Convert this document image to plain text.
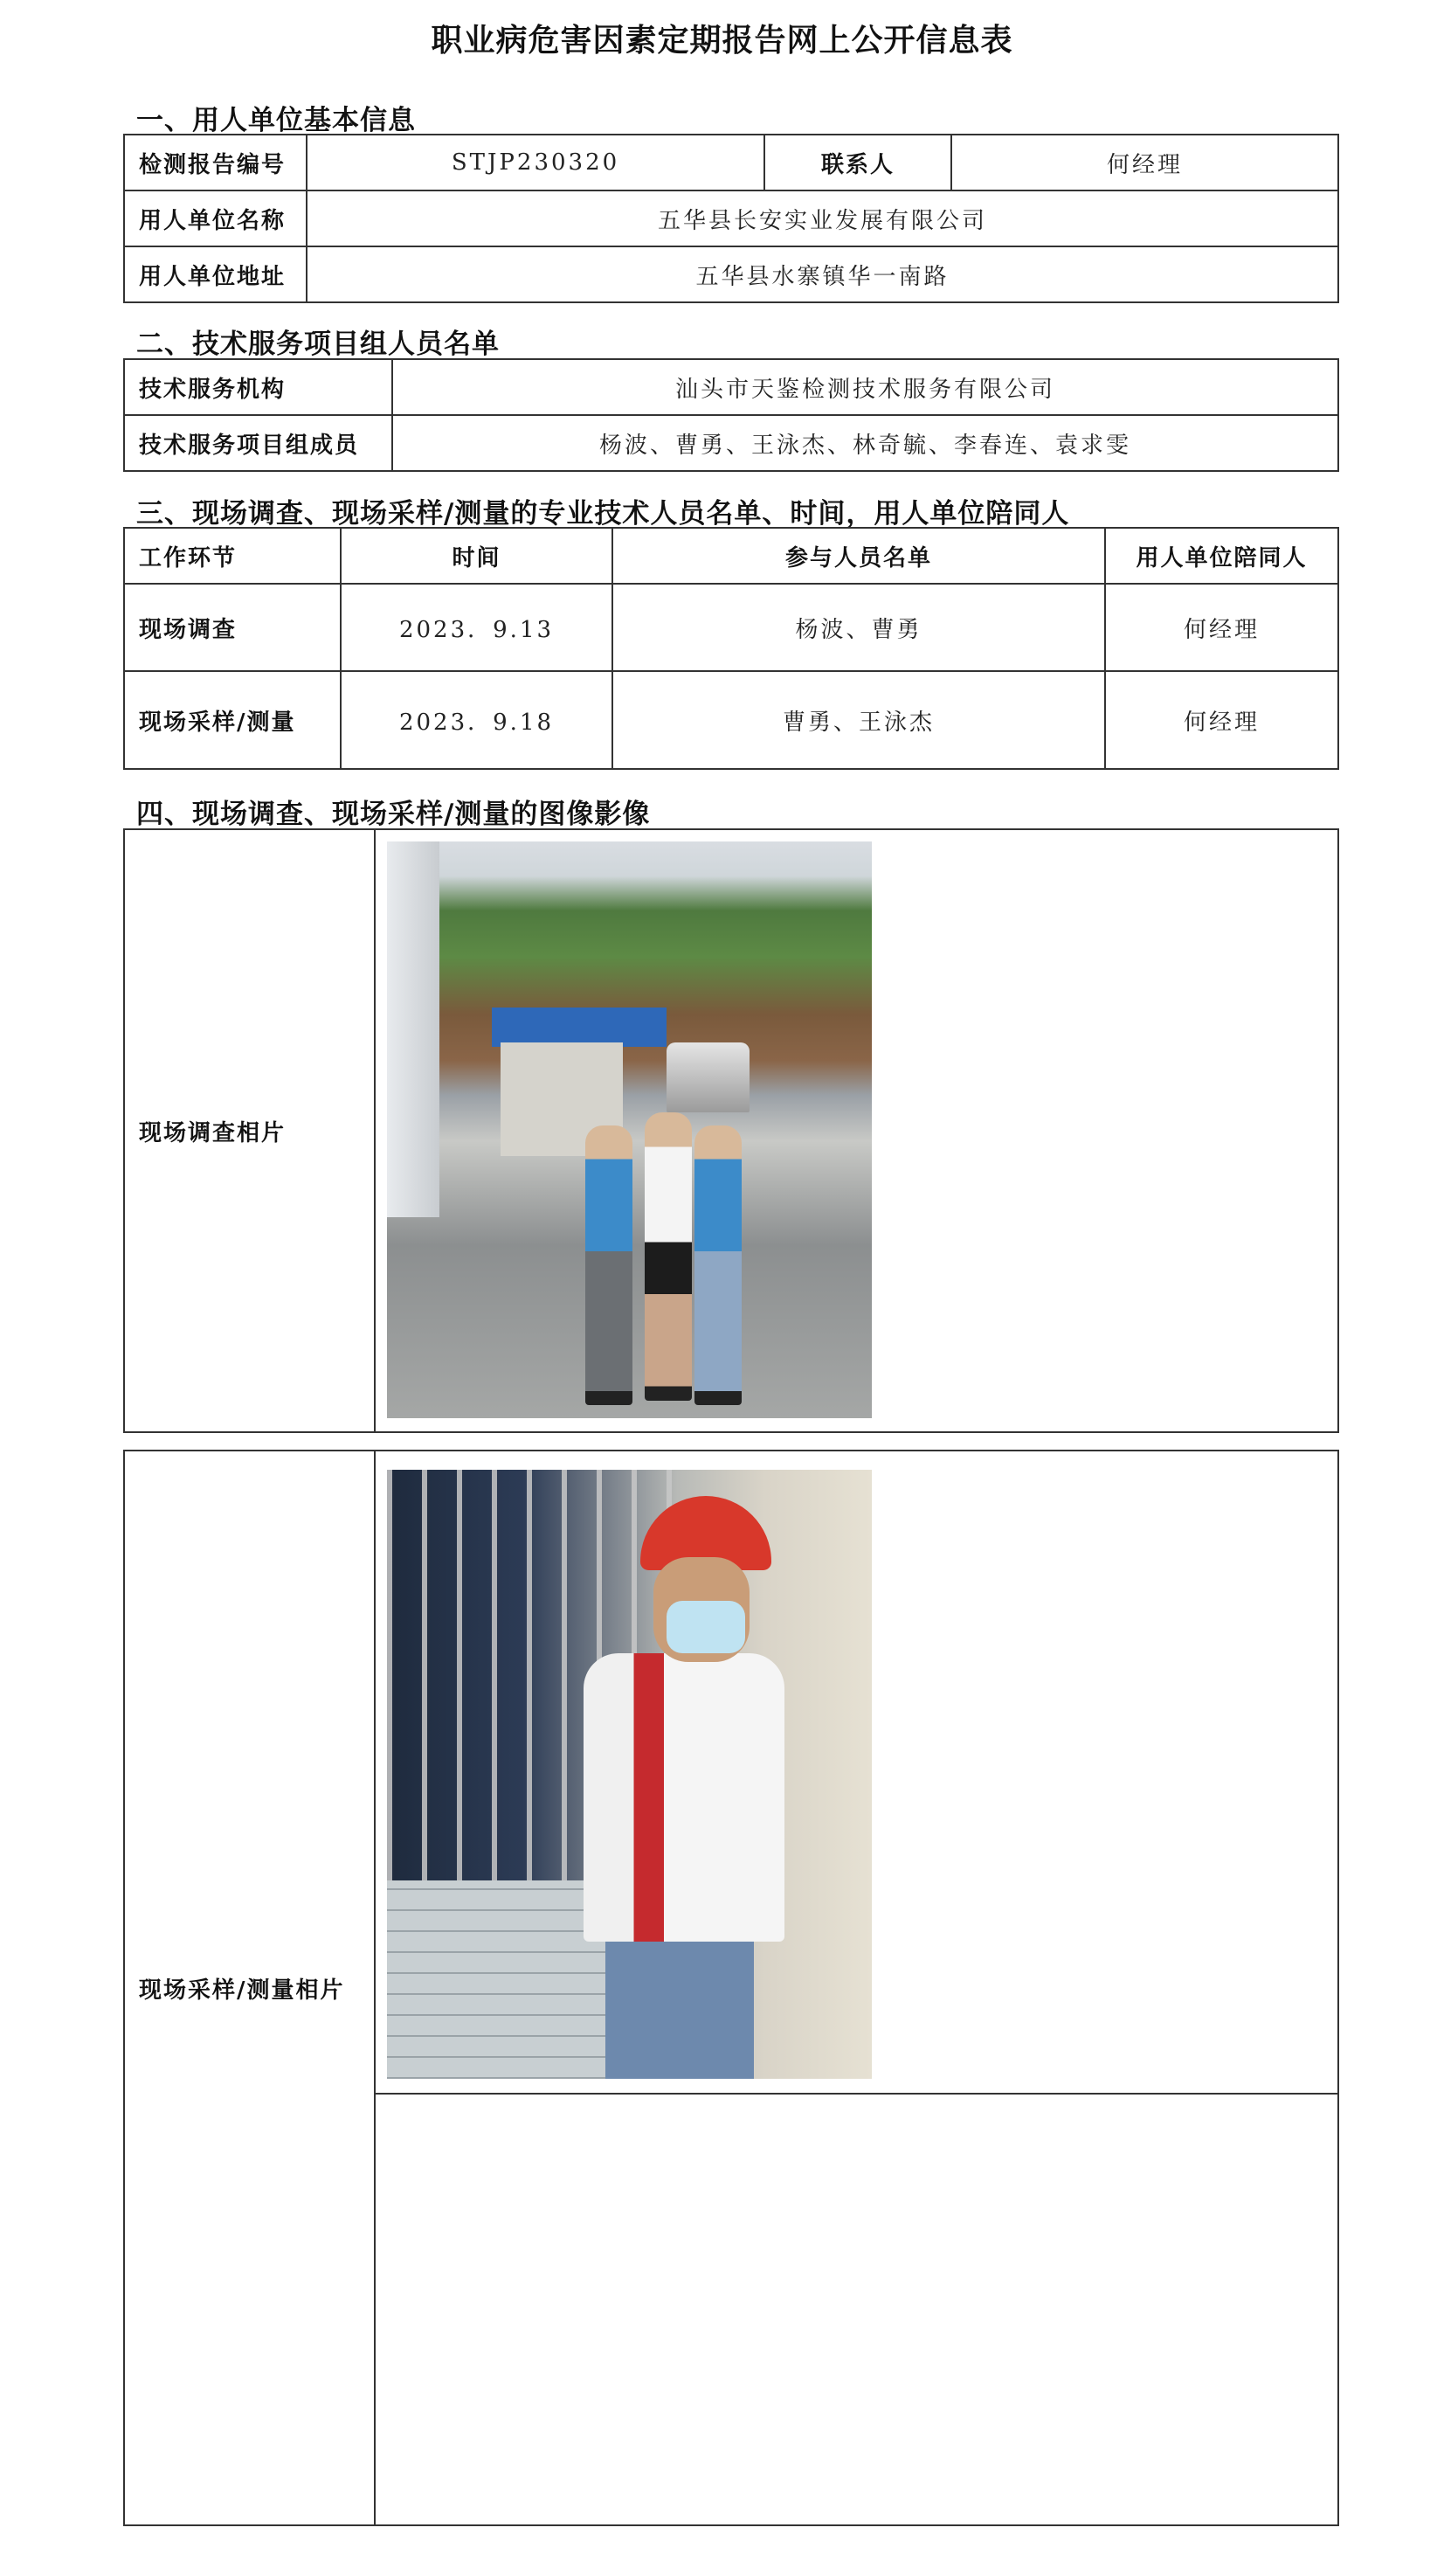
职业病危害因素定期报告网上公开信息表
一、用人单位基本信息
检测报告编号	STJP230320	联系人	何经理
用人单位名称	五华县长安实业发展有限公司		
用人单位地址	五华县水寨镇华一南路		
二、技术服务项目组人员名单
技术服务机构	汕头市天鉴检测技术服务有限公司
技术服务项目组成员	杨波、曹勇、王泳杰、林奇毓、李春连、袁求雯
三、现场调查、现场采样/测量的专业技术人员名单、时间，用人单位陪同人
工作环节	时间	参与人员名单	用人单位陪同人
现场调查	2023．9.13	杨波、曹勇	何经理
现场采样/测量	2023．9.18	曹勇、王泳杰	何经理
四、现场调查、现场采样/测量的图像影像
现场调查相片	
现场采样/测量相片	
